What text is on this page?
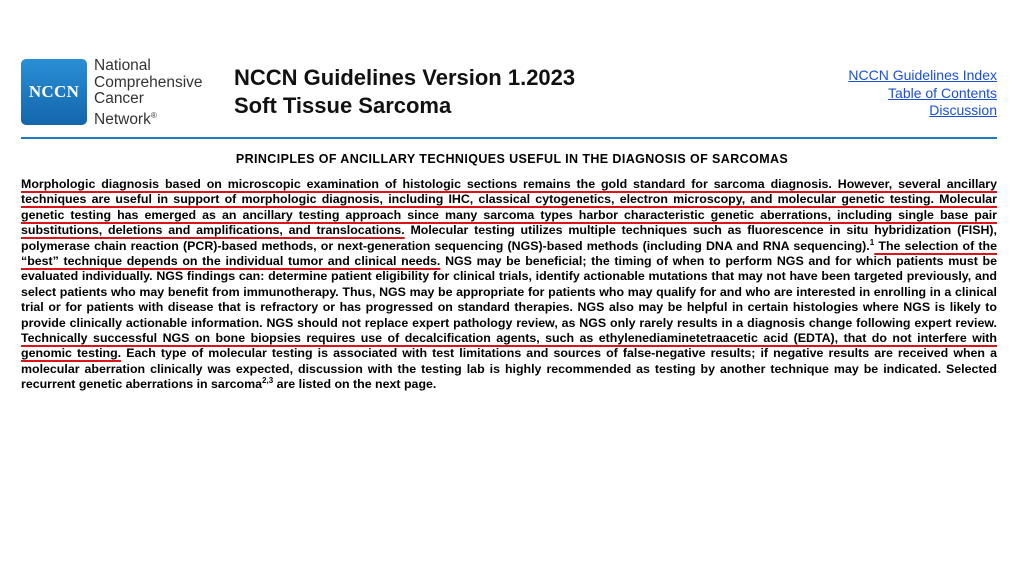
NCCN
National
Comprehensive
Cancer
Network®
NCCN Guidelines Version 1.2023
Soft Tissue Sarcoma
NCCN Guidelines Index
Table of Contents
Discussion
PRINCIPLES OF ANCILLARY TECHNIQUES USEFUL IN THE DIAGNOSIS OF SARCOMAS
Morphologic diagnosis based on microscopic examination of histologic sections remains the gold standard for sarcoma diagnosis. However, several ancillary techniques are useful in support of morphologic diagnosis, including IHC, classical cytogenetics, electron microscopy, and molecular genetic testing. Molecular genetic testing has emerged as an ancillary testing approach since many sarcoma types harbor characteristic genetic aberrations, including single base pair substitutions, deletions and amplifications, and translocations. Molecular testing utilizes multiple techniques such as fluorescence in situ hybridization (FISH), polymerase chain reaction (PCR)-based methods, or next-generation sequencing (NGS)-based methods (including DNA and RNA sequencing).$^1$ The selection of the “best” technique depends on the individual tumor and clinical needs. NGS may be beneficial; the timing of when to perform NGS and for which patients must be evaluated individually. NGS findings can: determine patient eligibility for clinical trials, identify actionable mutations that may not have been targeted previously, and select patients who may benefit from immunotherapy. Thus, NGS may be appropriate for patients who may qualify for and who are interested in enrolling in a clinical trial or for patients with disease that is refractory or has progressed on standard therapies. NGS also may be helpful in certain histologies where NGS is likely to provide clinically actionable information. NGS should not replace expert pathology review, as NGS only rarely results in a diagnosis change following expert review. Technically successful NGS on bone biopsies requires use of decalcification agents, such as ethylenediaminetetraacetic acid (EDTA), that do not interfere with genomic testing. Each type of molecular testing is associated with test limitations and sources of false-negative results; if negative results are received when a molecular aberration clinically was expected, discussion with the testing lab is highly recommended as testing by another technique may be indicated. Selected recurrent genetic aberrations in sarcoma$^{2,3}$ are listed on the next page.
